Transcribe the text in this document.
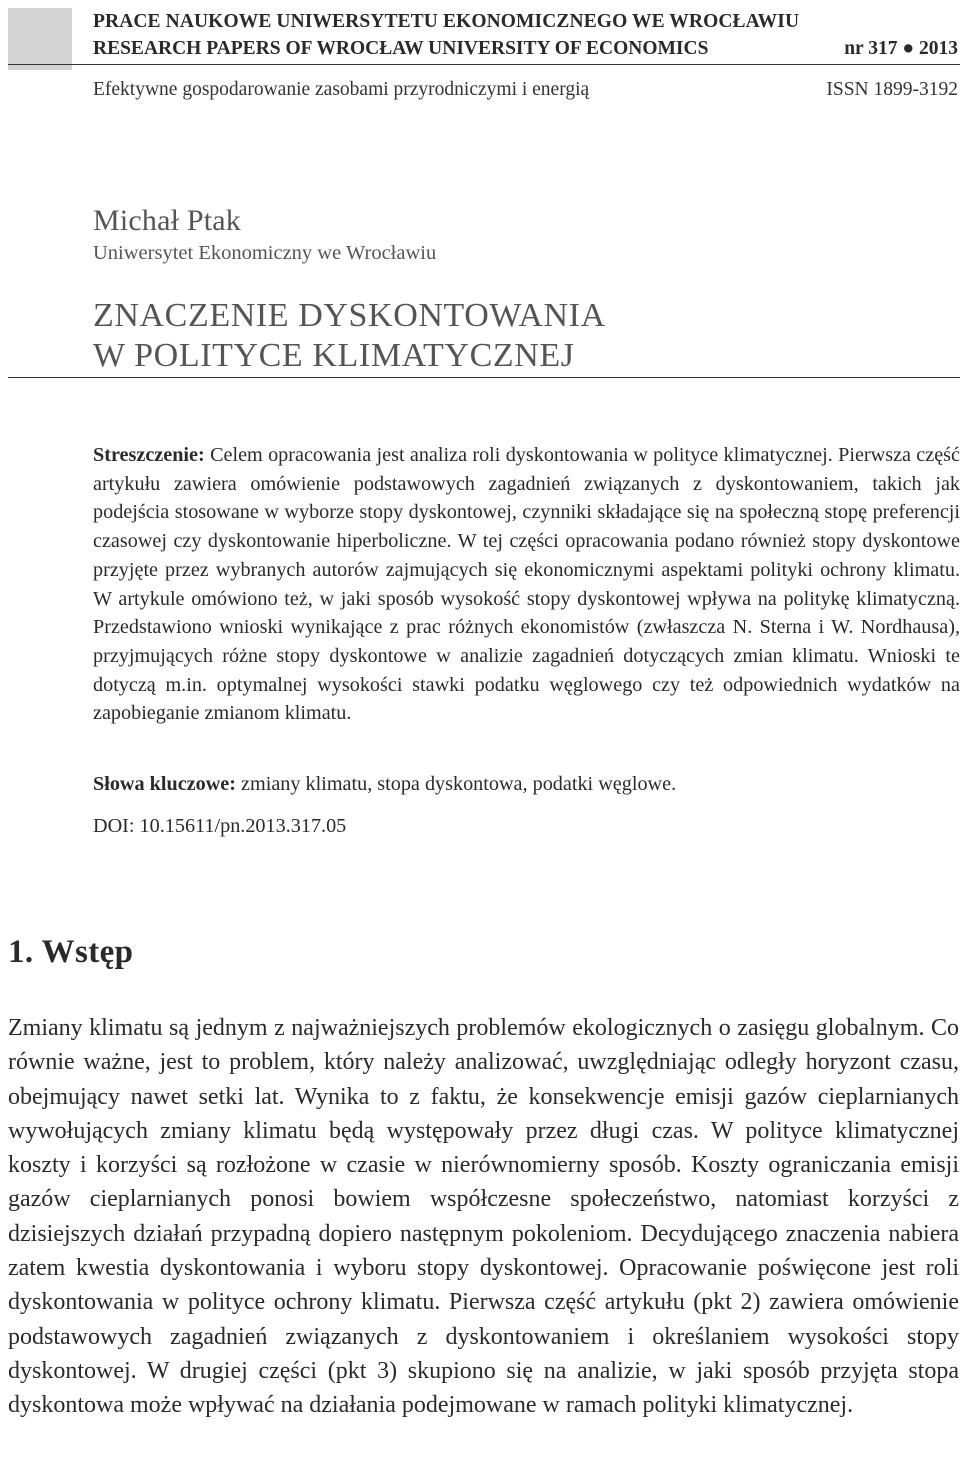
PRACE NAUKOWE UNIWERSYTETU EKONOMICZNEGO WE WROCŁAWIU
RESEARCH PAPERS OF WROCŁAW UNIVERSITY OF ECONOMICS	nr 317 ● 2013
Efektywne gospodarowanie zasobami przyrodniczymi i energią	ISSN 1899-3192
Michał Ptak
Uniwersytet Ekonomiczny we Wrocławiu
ZNACZENIE DYSKONTOWANIA
W POLITYCE KLIMATYCZNEJ

Streszczenie: Celem opracowania jest analiza roli dyskontowania w polityce klimatycznej. Pierwsza część artykułu zawiera omówienie podstawowych zagadnień związanych z dyskontowaniem, takich jak podejścia stosowane w wyborze stopy dyskontowej, czynniki składające się na społeczną stopę preferencji czasowej czy dyskontowanie hiperboliczne. W tej części opracowania podano również stopy dyskontowe przyjęte przez wybranych autorów zajmujących się ekonomicznymi aspektami polityki ochrony klimatu. W artykule omówiono też, w jaki sposób wysokość stopy dyskontowej wpływa na politykę klimatyczną. Przedstawiono wnioski wynikające z prac różnych ekonomistów (zwłaszcza N. Sterna i W. Nordhausa), przyjmujących różne stopy dyskontowe w analizie zagadnień dotyczących zmian klimatu. Wnioski te dotyczą m.in. optymalnej wysokości stawki podatku węglowego czy też odpowiednich wydatków na zapobieganie zmianom klimatu.

Słowa kluczowe: zmiany klimatu, stopa dyskontowa, podatki węglowe.

DOI: 10.15611/pn.2013.317.05
1. Wstęp

Zmiany klimatu są jednym z najważniejszych problemów ekologicznych o zasięgu globalnym. Co równie ważne, jest to problem, który należy analizować, uwzględniając odległy horyzont czasu, obejmujący nawet setki lat. Wynika to z faktu, że konsekwencje emisji gazów cieplarnianych wywołujących zmiany klimatu będą występowały przez długi czas. W polityce klimatycznej koszty i korzyści są rozłożone w czasie w nierównomierny sposób. Koszty ograniczania emisji gazów cieplarnianych ponosi bowiem współczesne społeczeństwo, natomiast korzyści z dzisiejszych działań przypadną dopiero następnym pokoleniom. Decydującego znaczenia nabiera zatem kwestia dyskontowania i wyboru stopy dyskontowej. Opracowanie poświęcone jest roli dyskontowania w polityce ochrony klimatu. Pierwsza część artykułu (pkt 2) zawiera omówienie podstawowych zagadnień związanych z dyskontowaniem i określaniem wysokości stopy dyskontowej. W drugiej części (pkt 3) skupiono się na analizie, w jaki sposób przyjęta stopa dyskontowa może wpływać na działania podejmowane w ramach polityki klimatycznej.
